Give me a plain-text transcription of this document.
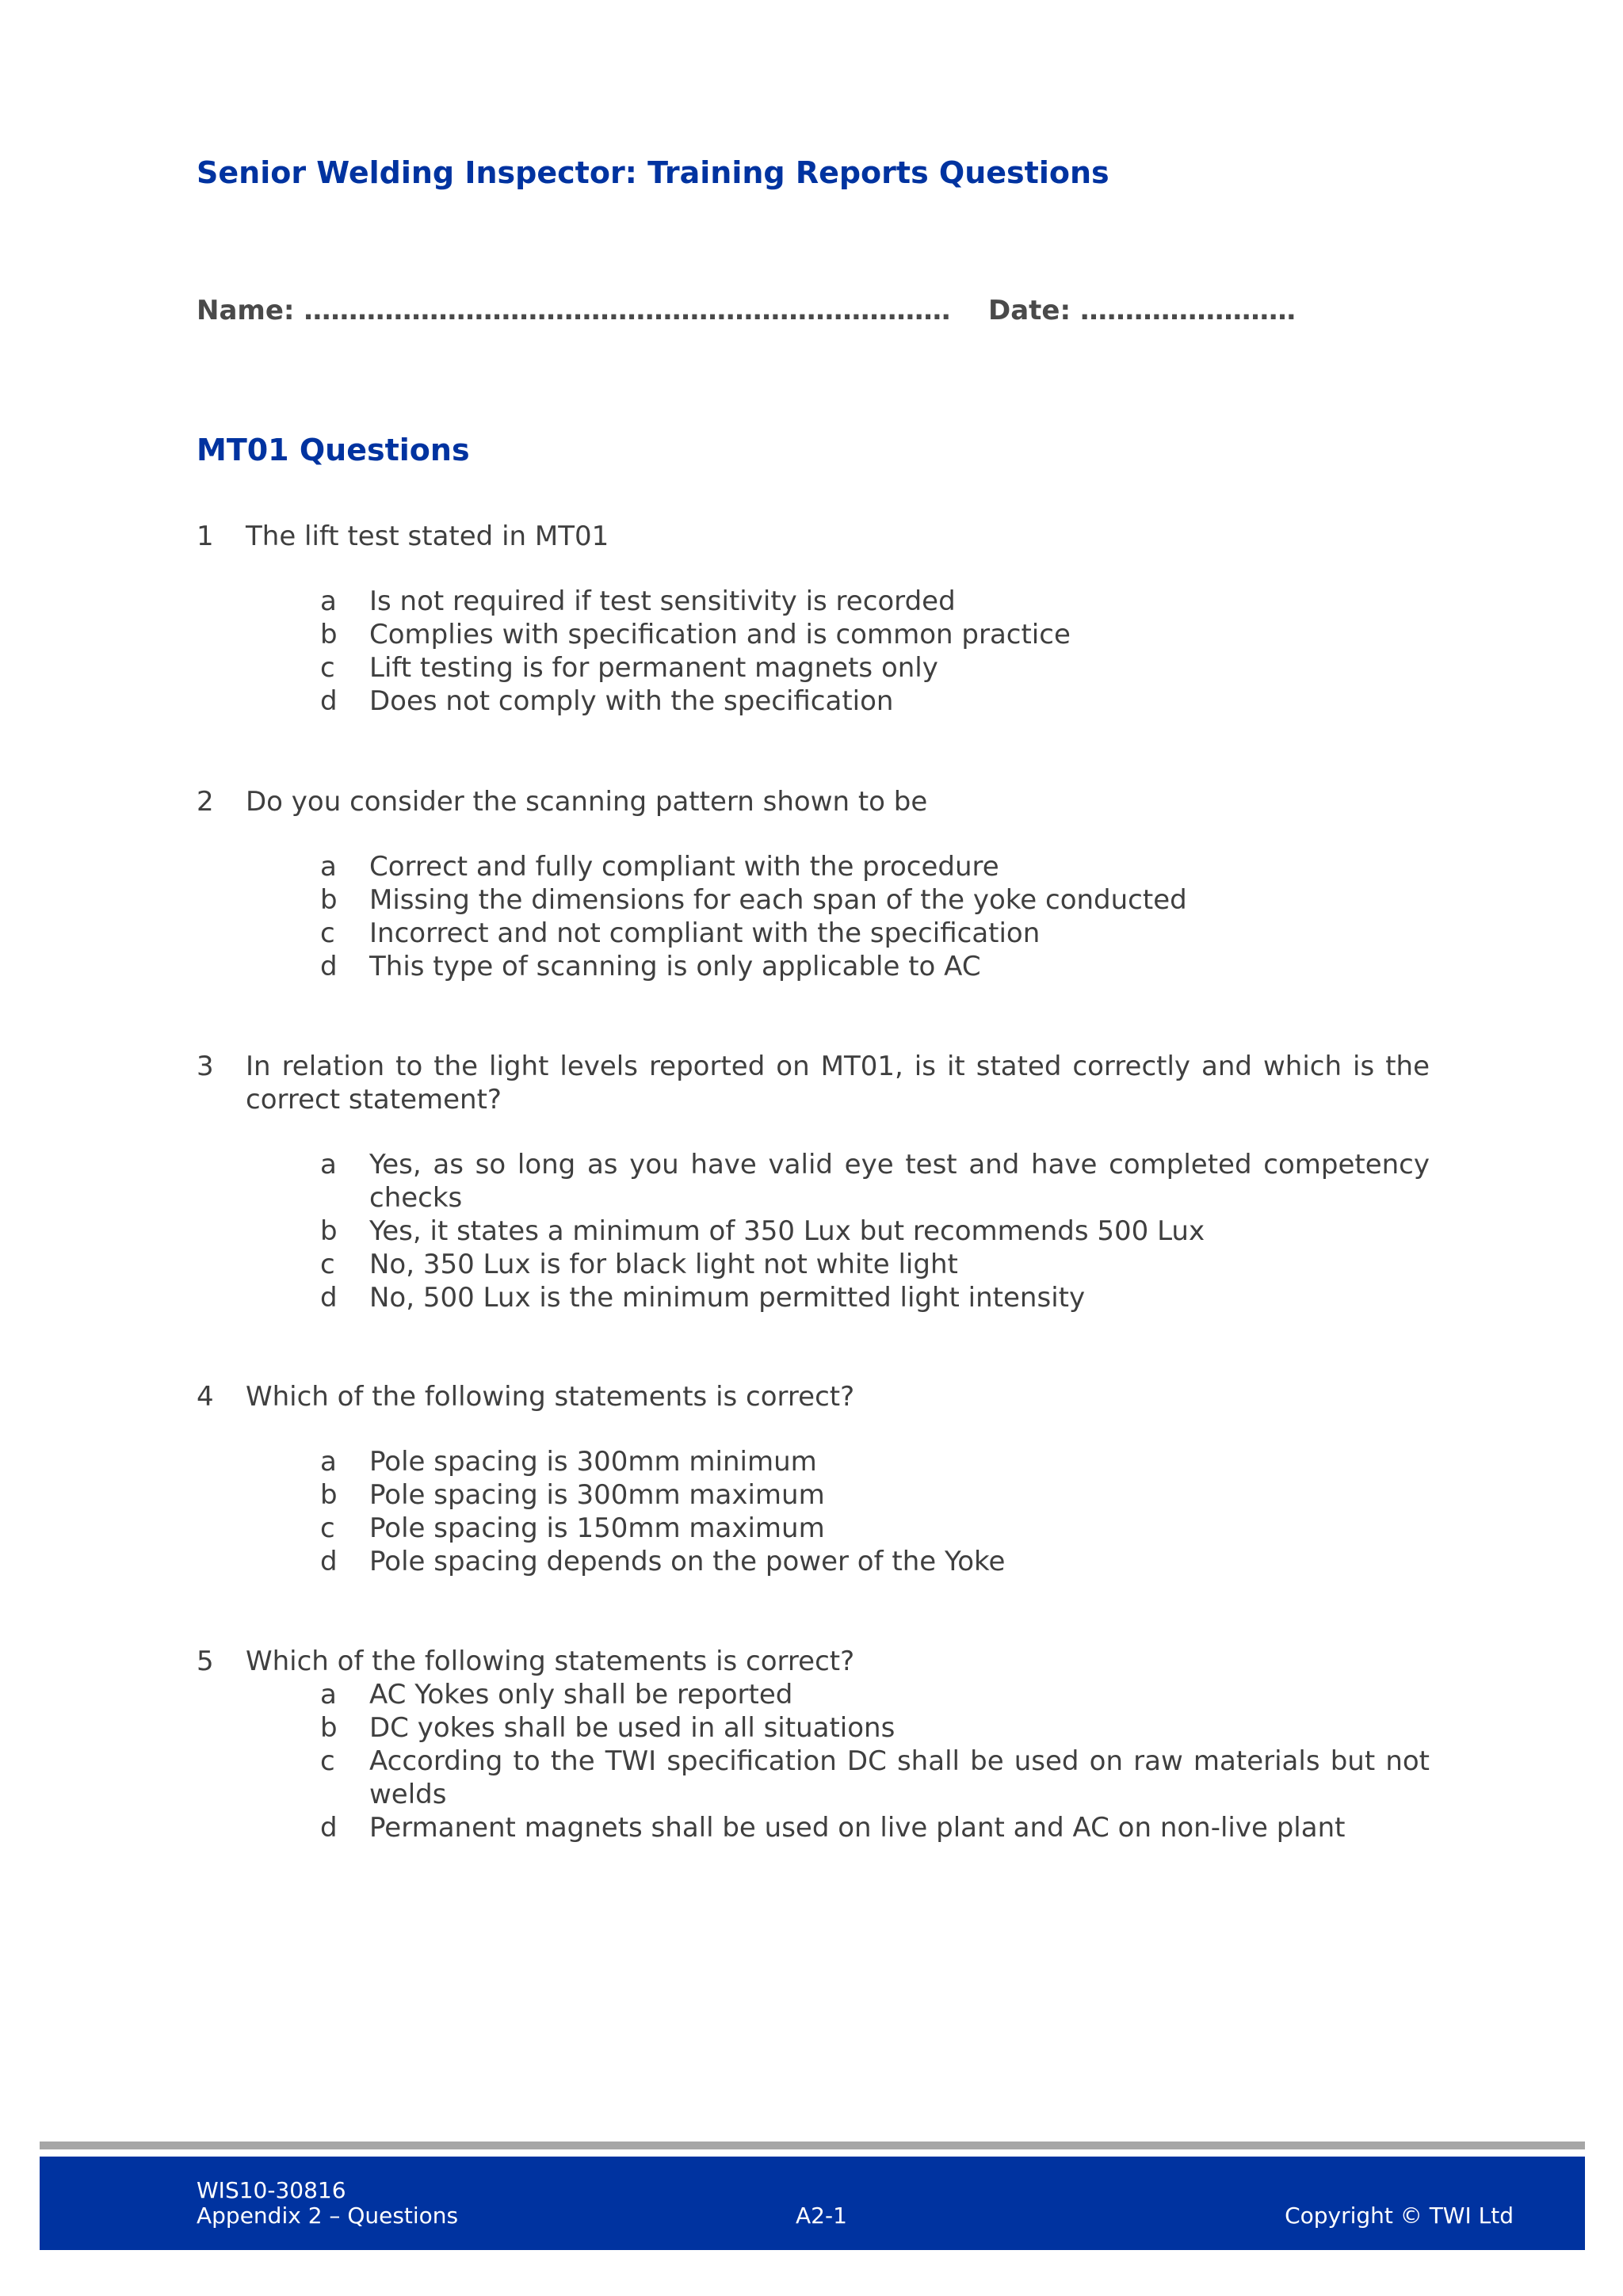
Senior Welding Inspector: Training Reports Questions
Name: ……………………………………………………………… Date: ……………………
MT01 Questions
1 The lift test stated in MT01
a Is not required if test sensitivity is recorded
b Complies with specification and is common practice
c Lift testing is for permanent magnets only
d Does not comply with the specification
2 Do you consider the scanning pattern shown to be
a Correct and fully compliant with the procedure
b Missing the dimensions for each span of the yoke conducted
c Incorrect and not compliant with the specification
d This type of scanning is only applicable to AC
3 In relation to the light levels reported on MT01, is it stated correctly and which is the correct statement?
a Yes, as so long as you have valid eye test and have completed competency checks
b Yes, it states a minimum of 350 Lux but recommends 500 Lux
c No, 350 Lux is for black light not white light
d No, 500 Lux is the minimum permitted light intensity
4 Which of the following statements is correct?
a Pole spacing is 300mm minimum
b Pole spacing is 300mm maximum
c Pole spacing is 150mm maximum
d Pole spacing depends on the power of the Yoke
5 Which of the following statements is correct?
a AC Yokes only shall be reported
b DC yokes shall be used in all situations
c According to the TWI specification DC shall be used on raw materials but not welds
d Permanent magnets shall be used on live plant and AC on non-live plant
WIS10-30816
Appendix 2 – Questions	A2-1	Copyright © TWI Ltd
